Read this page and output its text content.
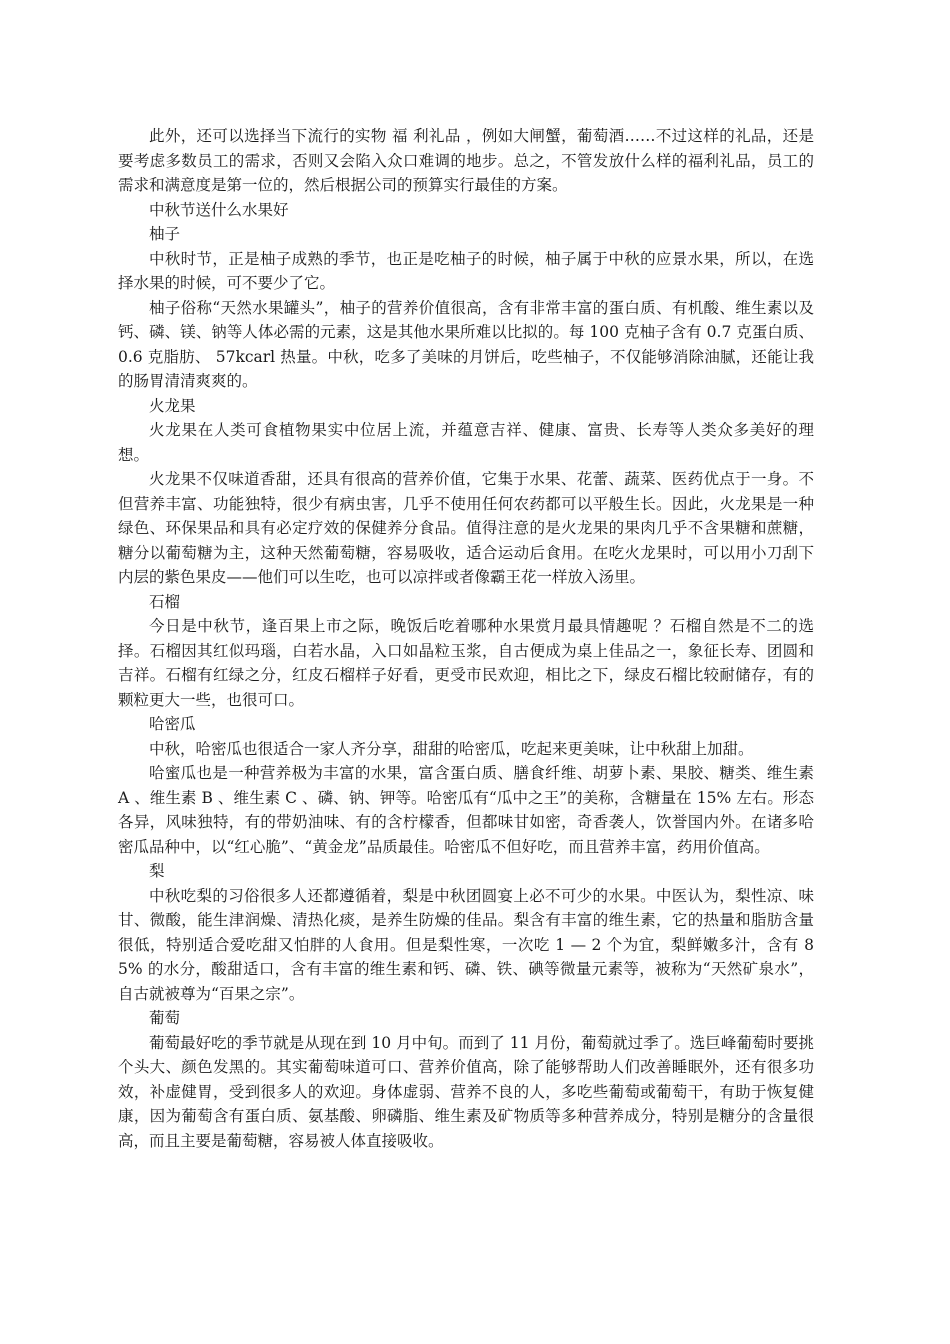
此外，还可以选择当下流行的实物 福 利礼品 ，例如大闸蟹，葡萄酒……不过这样的礼品，还是要考虑多数员工的需求，否则又会陷入众口难调的地步。总之，不管发放什么样的福利礼品，员工的需求和满意度是第一位的，然后根据公司的预算实行最佳的方案。

中秋节送什么水果好

柚子

中秋时节，正是柚子成熟的季节，也正是吃柚子的时候，柚子属于中秋的应景水果，所以，在选择水果的时候，可不要少了它。

柚子俗称“天然水果罐头”，柚子的营养价值很高，含有非常丰富的蛋白质、有机酸、维生素以及钙、磷、镁、钠等人体必需的元素，这是其他水果所难以比拟的。每 100 克柚子含有 0.7 克蛋白质、 0.6 克脂肪、 57kcarl 热量。中秋，吃多了美味的月饼后，吃些柚子，不仅能够消除油腻，还能让我的肠胃清清爽爽的。

火龙果

火龙果在人类可食植物果实中位居上流，并蕴意吉祥、健康、富贵、长寿等人类众多美好的理想。

火龙果不仅味道香甜，还具有很高的营养价值，它集于水果、花蕾、蔬菜、医药优点于一身。不但营养丰富、功能独特，很少有病虫害，几乎不使用任何农药都可以平般生长。因此，火龙果是一种绿色、环保果品和具有必定疗效的保健养分食品。值得注意的是火龙果的果肉几乎不含果糖和蔗糖，糖分以葡萄糖为主，这种天然葡萄糖，容易吸收，适合运动后食用。在吃火龙果时，可以用小刀刮下内层的紫色果皮——他们可以生吃，也可以凉拌或者像霸王花一样放入汤里。

石榴

今日是中秋节，逢百果上市之际，晚饭后吃着哪种水果赏月最具情趣呢 ？石榴自然是不二的选择。石榴因其红似玛瑙，白若水晶，入口如晶粒玉浆，自古便成为桌上佳品之一，象征长寿、团圆和吉祥。石榴有红绿之分，红皮石榴样子好看，更受市民欢迎，相比之下，绿皮石榴比较耐储存，有的颗粒更大一些，也很可口。

哈密瓜

中秋，哈密瓜也很适合一家人齐分享，甜甜的哈密瓜，吃起来更美味，让中秋甜上加甜。

哈蜜瓜也是一种营养极为丰富的水果，富含蛋白质、膳食纤维、胡萝卜素、果胶、糖类、维生素 A 、维生素 B 、维生素 C 、磷、钠、钾等。哈密瓜有“瓜中之王”的美称，含糖量在 15% 左右。形态各异，风味独特，有的带奶油味、有的含柠檬香，但都味甘如密，奇香袭人，饮誉国内外。在诸多哈密瓜品种中，以“红心脆”、“黄金龙”品质最佳。哈密瓜不但好吃，而且营养丰富，药用价值高。

梨

中秋吃梨的习俗很多人还都遵循着，梨是中秋团圆宴上必不可少的水果。中医认为，梨性凉、味甘、微酸，能生津润燥、清热化痰，是养生防燥的佳品。梨含有丰富的维生素，它的热量和脂肪含量很低，特别适合爱吃甜又怕胖的人食用。但是梨性寒，一次吃 1 — 2 个为宜，梨鲜嫩多汁，含有 85% 的水分，酸甜适口，含有丰富的维生素和钙、磷、铁、碘等微量元素等，被称为“天然矿泉水”，自古就被尊为“百果之宗”。

葡萄

葡萄最好吃的季节就是从现在到 10 月中旬。而到了 11 月份，葡萄就过季了。选巨峰葡萄时要挑个头大、颜色发黑的。其实葡萄味道可口、营养价值高，除了能够帮助人们改善睡眠外，还有很多功效，补虚健胃，受到很多人的欢迎。身体虚弱、营养不良的人，多吃些葡萄或葡萄干，有助于恢复健康，因为葡萄含有蛋白质、氨基酸、卵磷脂、维生素及矿物质等多种营养成分，特别是糖分的含量很高，而且主要是葡萄糖，容易被人体直接吸收。
